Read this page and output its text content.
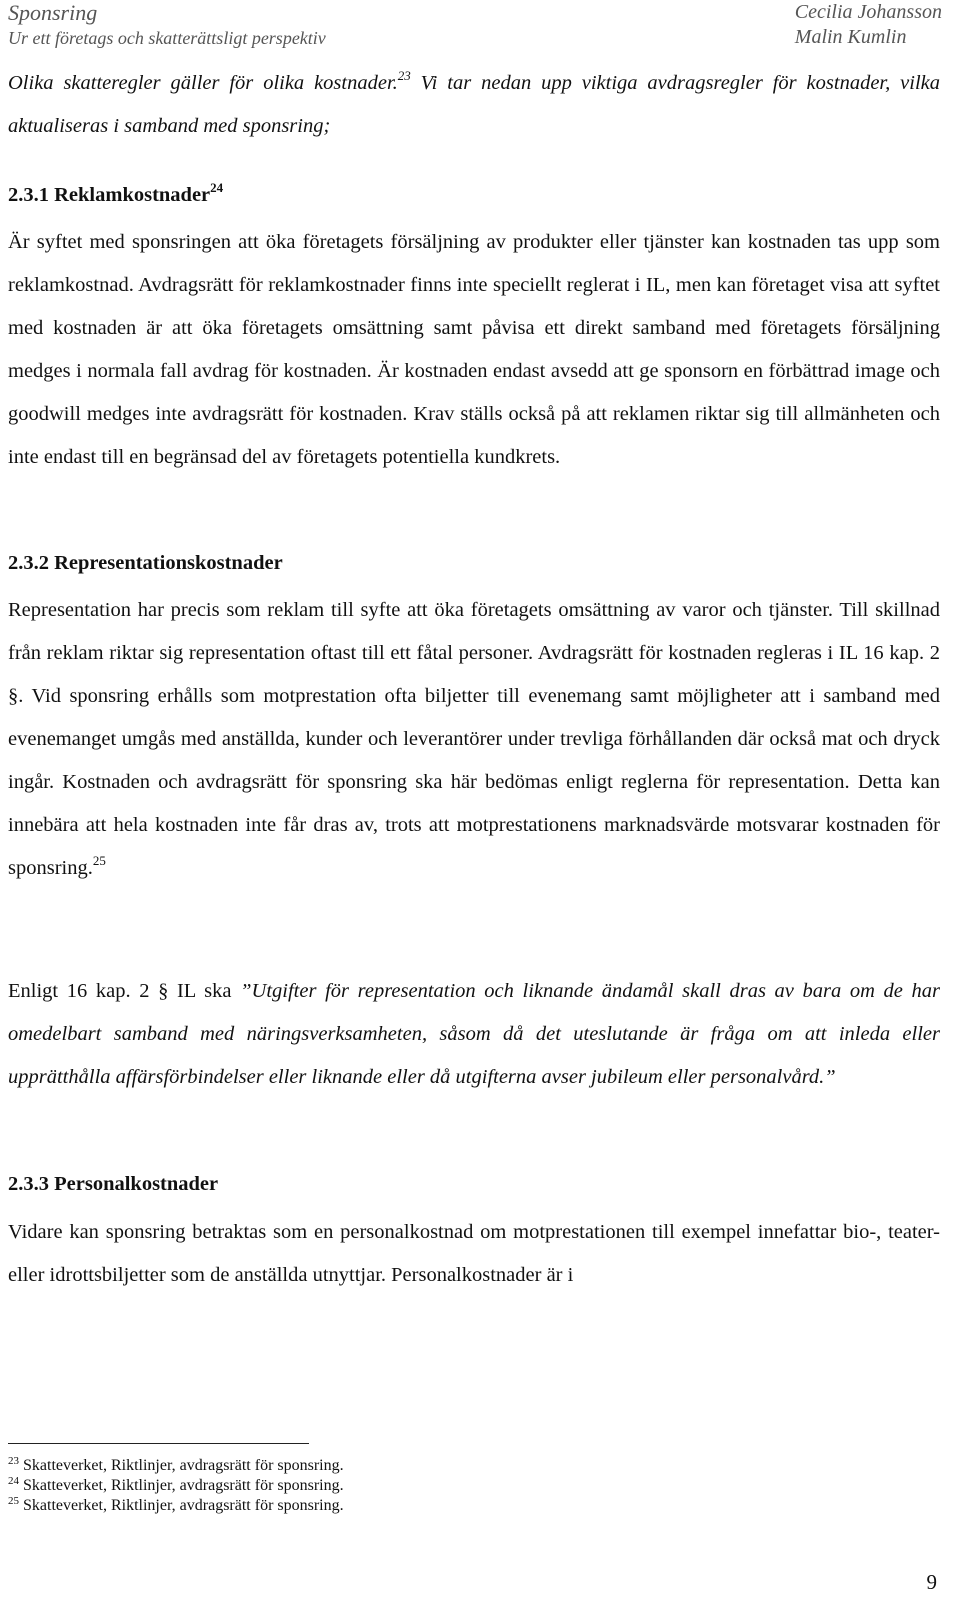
Sponsring
Ur ett företags och skatterättsligt perspektiv
Cecilia Johansson
Malin Kumlin

Olika skatteregler gäller för olika kostnader.$^{23}$ Vi tar nedan upp viktiga avdragsregler för kostnader, vilka aktualiseras i samband med sponsring;

2.3.1 Reklamkostnader$^{24}$

Är syftet med sponsringen att öka företagets försäljning av produkter eller tjänster kan kostnaden tas upp som reklamkostnad. Avdragsrätt för reklamkostnader finns inte speciellt reglerat i IL, men kan företaget visa att syftet med kostnaden är att öka företagets omsättning samt påvisa ett direkt samband med företagets försäljning medges i normala fall avdrag för kostnaden. Är kostnaden endast avsedd att ge sponsorn en förbättrad image och goodwill medges inte avdragsrätt för kostnaden. Krav ställs också på att reklamen riktar sig till allmänheten och inte endast till en begränsad del av företagets potentiella kundkrets.

2.3.2 Representationskostnader

Representation har precis som reklam till syfte att öka företagets omsättning av varor och tjänster. Till skillnad från reklam riktar sig representation oftast till ett fåtal personer. Avdragsrätt för kostnaden regleras i IL 16 kap. 2 §. Vid sponsring erhålls som motprestation ofta biljetter till evenemang samt möjligheter att i samband med evenemanget umgås med anställda, kunder och leverantörer under trevliga förhållanden där också mat och dryck ingår. Kostnaden och avdragsrätt för sponsring ska här bedömas enligt reglerna för representation. Detta kan innebära att hela kostnaden inte får dras av, trots att motprestationens marknadsvärde motsvarar kostnaden för sponsring.$^{25}$

Enligt 16 kap. 2 § IL ska ”Utgifter för representation och liknande ändamål skall dras av bara om de har omedelbart samband med näringsverksamheten, såsom då det uteslutande är fråga om att inleda eller upprätthålla affärsförbindelser eller liknande eller då utgifterna avser jubileum eller personalvård.”

2.3.3 Personalkostnader

Vidare kan sponsring betraktas som en personalkostnad om motprestationen till exempel innefattar bio-, teater- eller idrottsbiljetter som de anställda utnyttjar. Personalkostnader är i

$^{23}$ Skatteverket, Riktlinjer, avdragsrätt för sponsring.
$^{24}$ Skatteverket, Riktlinjer, avdragsrätt för sponsring.
$^{25}$ Skatteverket, Riktlinjer, avdragsrätt för sponsring.
9
